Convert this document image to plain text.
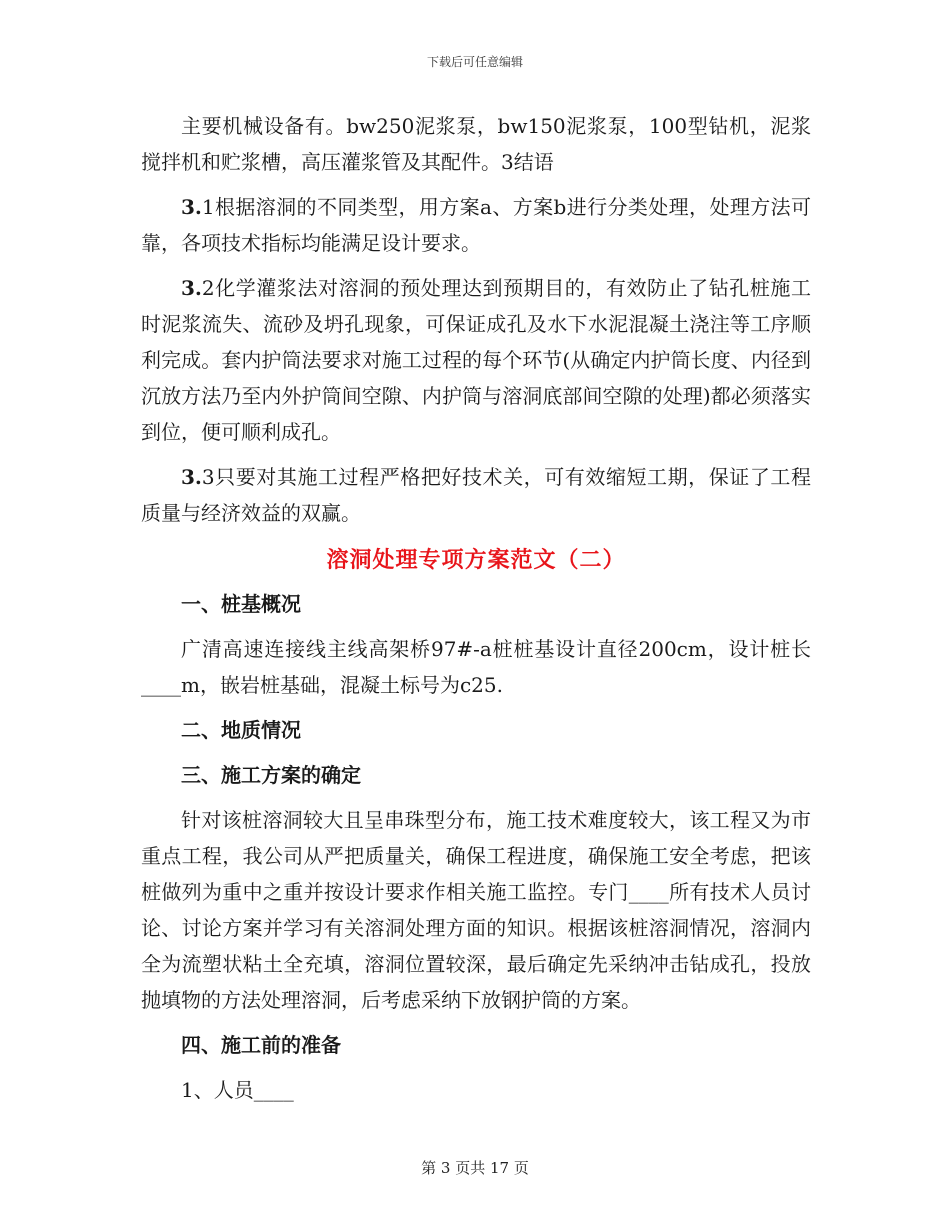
下载后可任意编辑

主要机械设备有。bw250泥浆泵，bw150泥浆泵，100型钻机，泥浆搅拌机和贮浆槽，高压灌浆管及其配件。3结语

3.1根据溶洞的不同类型，用方案a、方案b进行分类处理，处理方法可靠，各项技术指标均能满足设计要求。

3.2化学灌浆法对溶洞的预处理达到预期目的，有效防止了钻孔桩施工时泥浆流失、流砂及坍孔现象，可保证成孔及水下水泥混凝土浇注等工序顺利完成。套内护筒法要求对施工过程的每个环节(从确定内护筒长度、内径到沉放方法乃至内外护筒间空隙、内护筒与溶洞底部间空隙的处理)都必须落实到位，便可顺利成孔。

3.3只要对其施工过程严格把好技术关，可有效缩短工期，保证了工程质量与经济效益的双赢。

溶洞处理专项方案范文（二）
一、桩基概况

广清高速连接线主线高架桥97#-a桩桩基设计直径200cm，设计桩长____m，嵌岩桩基础，混凝土标号为c25.

二、地质情况
三、施工方案的确定

针对该桩溶洞较大且呈串珠型分布，施工技术难度较大，该工程又为市重点工程，我公司从严把质量关，确保工程进度，确保施工安全考虑，把该桩做列为重中之重并按设计要求作相关施工监控。专门____所有技术人员讨论、讨论方案并学习有关溶洞处理方面的知识。根据该桩溶洞情况，溶洞内全为流塑状粘土全充填，溶洞位置较深，最后确定先采纳冲击钻成孔，投放抛填物的方法处理溶洞，后考虑采纳下放钢护筒的方案。

四、施工前的准备

1、人员____

第 3 页共 17 页
